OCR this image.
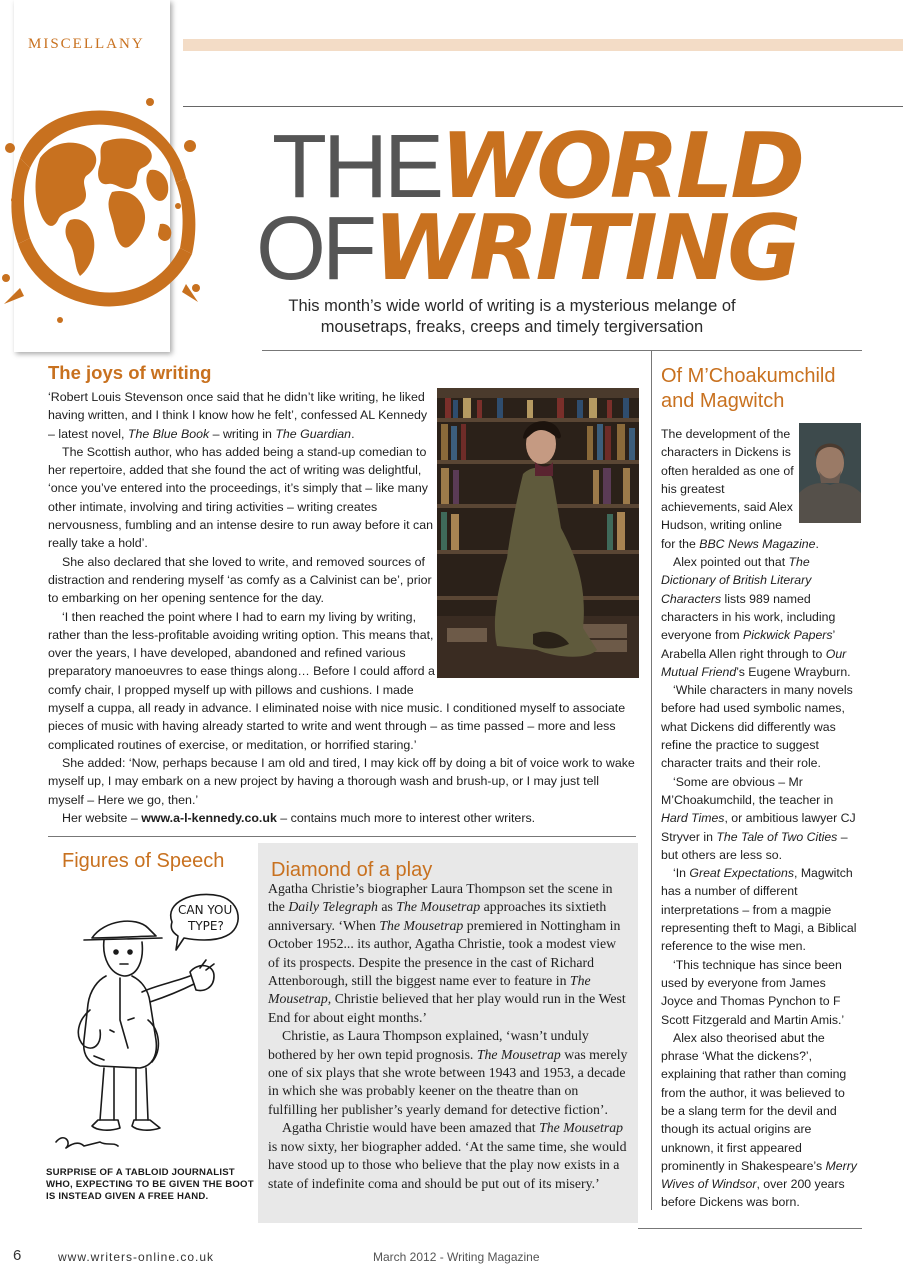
MISCELLANY
THEWORLD
OFWRITING
This month’s wide world of writing is a mysterious melange of mousetraps, freaks, creeps and timely tergiversation
The joys of writing

‘Robert Louis Stevenson once said that he didn’t like writing, he liked having written, and I think I know how he felt’, confessed AL Kennedy – latest novel, The Blue Book – writing in The Guardian.

The Scottish author, who has added being a stand-up comedian to her repertoire, added that she found the act of writing was delightful, ‘once you’ve entered into the proceedings, it’s simply that – like many other intimate, involving and tiring activities – writing creates nervousness, fumbling and an intense desire to run away before it can really take a hold’.

She also declared that she loved to write, and removed sources of distraction and rendering myself ‘as comfy as a Calvinist can be’, prior to embarking on her opening sentence for the day.

‘I then reached the point where I had to earn my living by writing, rather than the less-profitable avoiding writing option. This means that, over the years, I have developed, abandoned and refined various preparatory manoeuvres to ease things along… Before I could afford a comfy chair, I propped myself up with pillows and cushions. I made myself a cuppa, all ready in advance. I eliminated noise with nice music. I conditioned myself to associate pieces of music with having already started to write and went through – as time passed – more and less complicated routines of exercise, or meditation, or horrified staring.’

She added: ‘Now, perhaps because I am old and tired, I may kick off by doing a bit of voice work to wake myself up, I may embark on a new project by having a thorough wash and brush-up, or I may just tell myself – Here we go, then.’

Her website – www.a-l-kennedy.co.uk – contains much more to interest other writers.

Of M’Choakumchild and Magwitch

The development of the characters in Dickens is often heralded as one of his greatest achievements, said Alex Hudson, writing online for the BBC News Magazine.

Alex pointed out that The Dictionary of British Literary Characters lists 989 named characters in his work, including everyone from Pickwick Papers’ Arabella Allen right through to Our Mutual Friend’s Eugene Wrayburn.

‘While characters in many novels before had used symbolic names, what Dickens did differently was refine the practice to suggest character traits and their role.

‘Some are obvious – Mr M’Choakumchild, the teacher in Hard Times, or ambitious lawyer CJ Stryver in The Tale of Two Cities – but others are less so.

‘In Great Expectations, Magwitch has a number of different interpretations – from a magpie representing theft to Magi, a Biblical reference to the wise men.

‘This technique has since been used by everyone from James Joyce and Thomas Pynchon to F Scott Fitzgerald and Martin Amis.’

Alex also theorised abut the phrase ‘What the dickens?’, explaining that rather than coming from the author, it was believed to be a slang term for the devil and though its actual origins are unknown, it first appeared prominently in Shakespeare’s Merry Wives of Windsor, over 200 years before Dickens was born.

Figures of Speech
CAN YOU
TYPE?
SURPRISE OF A TABLOID JOURNALIST WHO, EXPECTING TO BE GIVEN THE BOOT IS INSTEAD GIVEN A FREE HAND.
Diamond of a play

Agatha Christie’s biographer Laura Thompson set the scene in the Daily Telegraph as The Mousetrap approaches its sixtieth anniversary. ‘When The Mousetrap premiered in Nottingham in October 1952... its author, Agatha Christie, took a modest view of its prospects. Despite the presence in the cast of Richard Attenborough, still the biggest name ever to feature in The Mousetrap, Christie believed that her play would run in the West End for about eight months.’

Christie, as Laura Thompson explained, ‘wasn’t unduly bothered by her own tepid prognosis. The Mousetrap was merely one of six plays that she wrote between 1943 and 1953, a decade in which she was probably keener on the theatre than on fulfilling her publisher’s yearly demand for detective fiction’.

Agatha Christie would have been amazed that The Mousetrap is now sixty, her biographer added. ‘At the same time, she would have stood up to those who believe that the play now exists in a state of indefinite coma and should be put out of its misery.’

6	www.writers-online.co.uk	March 2012 - Writing Magazine
